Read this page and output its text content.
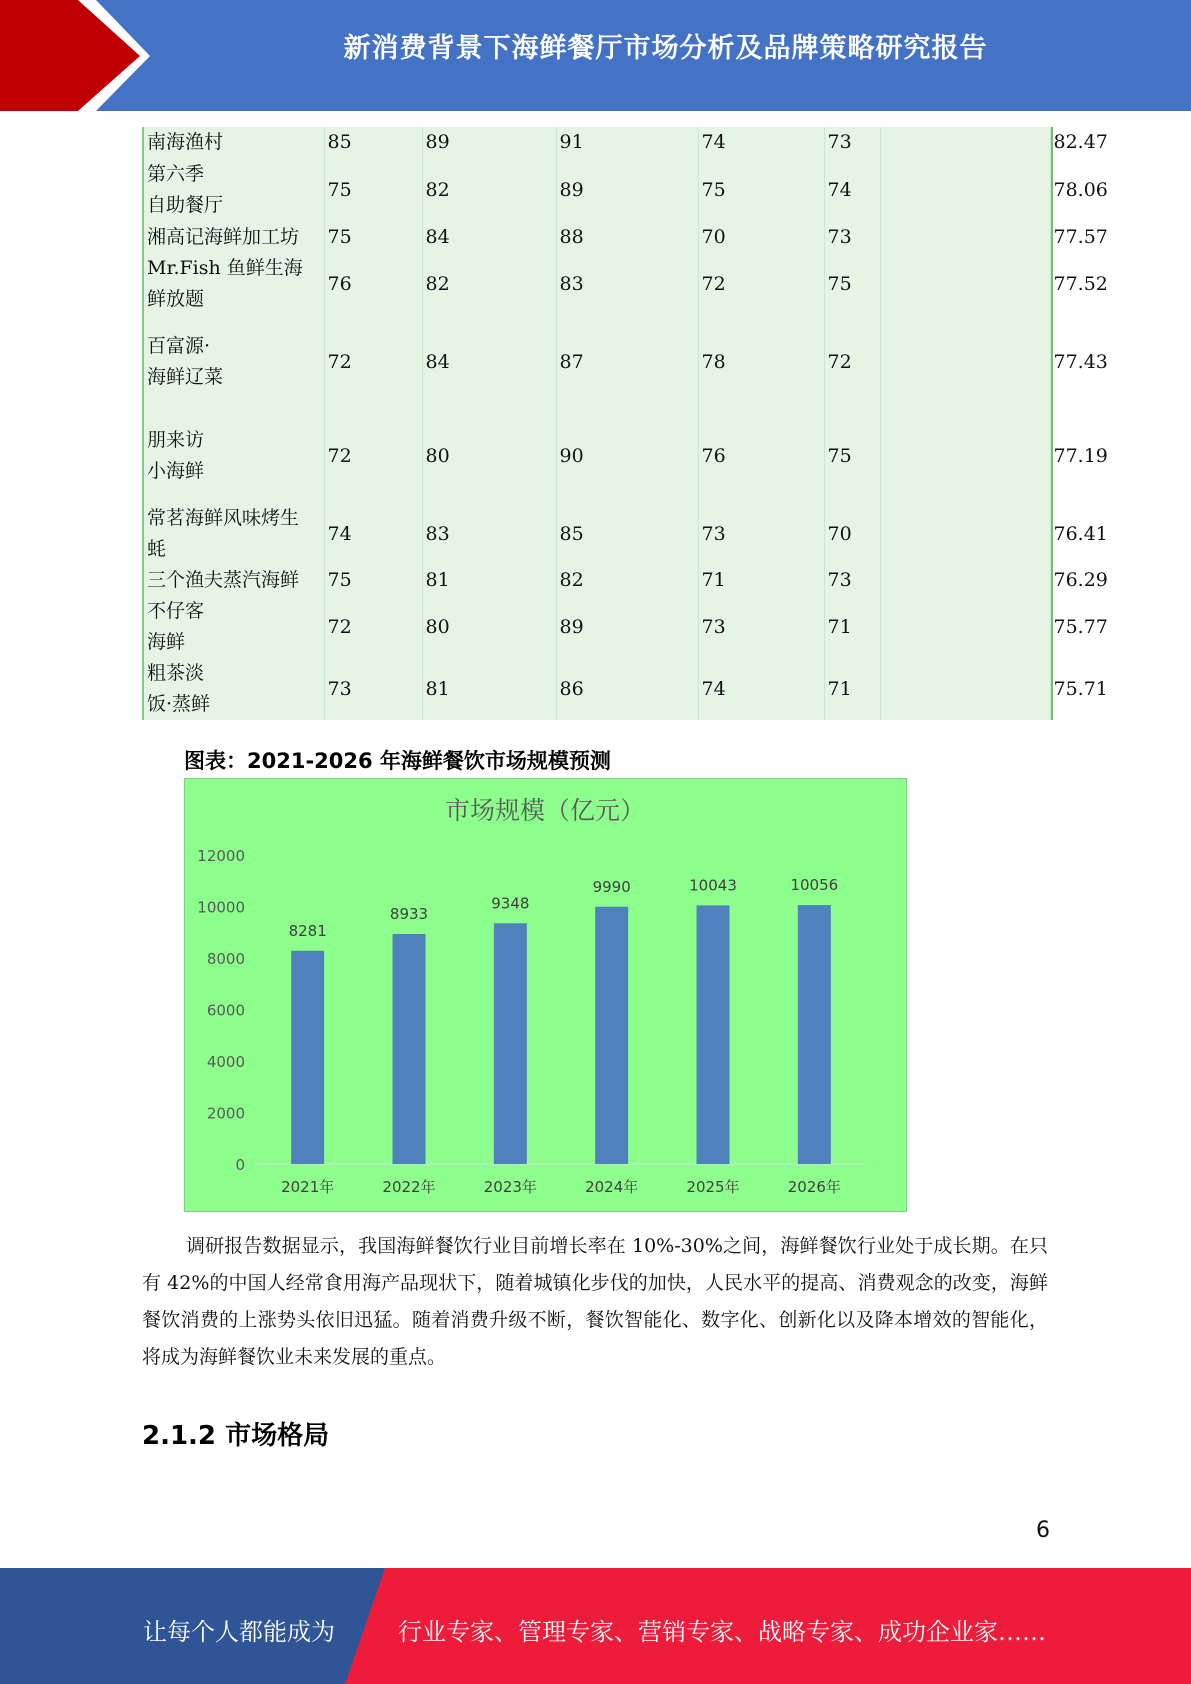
新消费背景下海鲜餐厅市场分析及品牌策略研究报告
南海渔村	85	89	91	74	73		82.47
第六季
自助餐厅	75	82	89	75	74		78.06
湘高记海鲜加工坊	75	84	88	70	73		77.57
Mr.Fish 鱼鲜生海
鲜放题	76	82	83	72	75		77.52
百富源·
海鲜辽菜	72	84	87	78	72		77.43
朋来访
小海鲜	72	80	90	76	75		77.19
常茗海鲜风味烤生
蚝	74	83	85	73	70		76.41
三个渔夫蒸汽海鲜	75	81	82	71	73		76.29
不仔客
海鲜	72	80	89	73	71		75.77
粗茶淡
饭·蒸鲜	73	81	86	74	71		75.71
图表：2021-2026 年海鲜餐饮市场规模预测
市场规模（亿元）
0
2000
4000
6000
8000
10000
12000
8281
2021年
8933
2022年
9348
2023年
9990
2024年
10043
2025年
10056
2026年
调研报告数据显示，我国海鲜餐饮行业目前增长率在 10%-30%之间，海鲜餐饮行业处于成长期。在只有 42%的中国人经常食用海产品现状下，随着城镇化步伐的加快，人民水平的提高、消费观念的改变，海鲜餐饮消费的上涨势头依旧迅猛。随着消费升级不断，餐饮智能化、数字化、创新化以及降本增效的智能化，将成为海鲜餐饮业未来发展的重点。
2.1.2 市场格局
6
让每个人都能成为	行业专家、管理专家、营销专家、战略专家、成功企业家……
